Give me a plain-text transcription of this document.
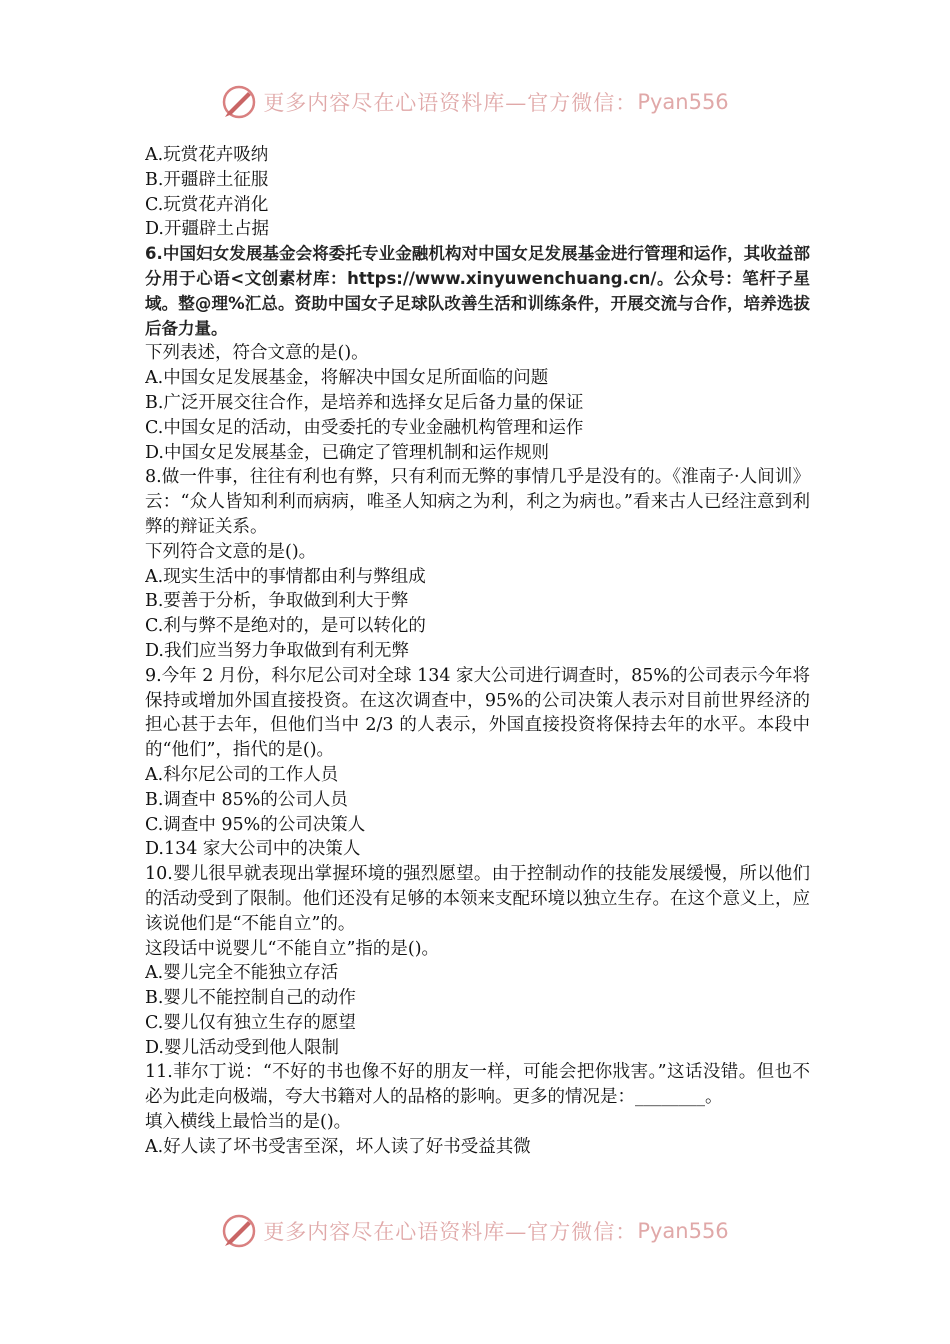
更多内容尽在心语资料库—官方微信： Pyan556
A.玩赏花卉吸纳
B.开疆辟土征服
C.玩赏花卉消化
D.开疆辟土占据
6.中国妇女发展基金会将委托专业金融机构对中国女足发展基金进行管理和运作，其收益部分用于心语<文创素材库：https://www.xinyuwenchuang.cn/。公众号：笔杆子星域。整@理%汇总。资助中国女子足球队改善生活和训练条件，开展交流与合作，培养选拔后备力量。
下列表述，符合文意的是()。
A.中国女足发展基金，将解决中国女足所面临的问题
B.广泛开展交往合作，是培养和选择女足后备力量的保证
C.中国女足的活动，由受委托的专业金融机构管理和运作
D.中国女足发展基金，已确定了管理机制和运作规则
8.做一件事，往往有利也有弊，只有利而无弊的事情几乎是没有的。《淮南子·人间训》云：“众人皆知利利而病病，唯圣人知病之为利，利之为病也。”看来古人已经注意到利弊的辩证关系。
下列符合文意的是()。
A.现实生活中的事情都由利与弊组成
B.要善于分析，争取做到利大于弊
C.利与弊不是绝对的，是可以转化的
D.我们应当努力争取做到有利无弊
9.今年 2 月份，科尔尼公司对全球 134 家大公司进行调查时，85%的公司表示今年将保持或增加外国直接投资。在这次调查中，95%的公司决策人表示对目前世界经济的担心甚于去年，但他们当中 2/3 的人表示，外国直接投资将保持去年的水平。本段中的“他们”，指代的是()。
A.科尔尼公司的工作人员
B.调查中 85%的公司人员
C.调查中 95%的公司决策人
D.134 家大公司中的决策人
10.婴儿很早就表现出掌握环境的强烈愿望。由于控制动作的技能发展缓慢，所以他们的活动受到了限制。他们还没有足够的本领来支配环境以独立生存。在这个意义上，应该说他们是“不能自立”的。
这段话中说婴儿“不能自立”指的是()。
A.婴儿完全不能独立存活
B.婴儿不能控制自己的动作
C.婴儿仅有独立生存的愿望
D.婴儿活动受到他人限制
11.菲尔丁说：“不好的书也像不好的朋友一样，可能会把你戕害。”这话没错。但也不必为此走向极端，夸大书籍对人的品格的影响。更多的情况是：________。
填入横线上最恰当的是()。
A.好人读了坏书受害至深，坏人读了好书受益其微
更多内容尽在心语资料库—官方微信： Pyan556
